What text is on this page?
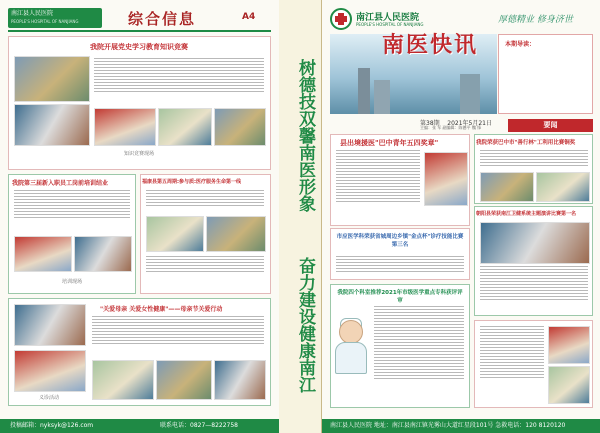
南江县人民医院
PEOPLE'S HOSPITAL OF NANJIANG	综合信息	A4
我院开展党史学习教育知识竞赛
知识竞赛现场
我院第三届新入职员工岗前培训结业
培训现场
福康县第五周期:参与质:医疗服务生命第一线
"关爱母亲 关爱女性健康"——母亲节关爱行动
义诊活动
投稿邮箱：nyksyk@126.com	联系电话：0827—8222758
树德技双馨南医形象
奋力建设健康南江
南江县人民医院
PEOPLE'S HOSPITAL OF NANJIANG	厚德精业 修身济世
南医快讯	本期导读：
第38期 2021年5月21日
主编：张 军 副编辑：陈德平 魏 锋	要闻
县出境援医"巴中青年五四奖章"	我院荣获巴中市"善行林"工利用比赛铜奖
市应医学科荣获省城周边乡镇"金点杯"诊疗技能比赛 第三名
朝阳县荣获南江卫健系统主题演讲比赛第一名
我院四个科室推荐2021年市级医学重点专科获评评审
南江县人民医院 地址：南江县南江镇光雾山大道红星段101号 急救电话：120 8120120
